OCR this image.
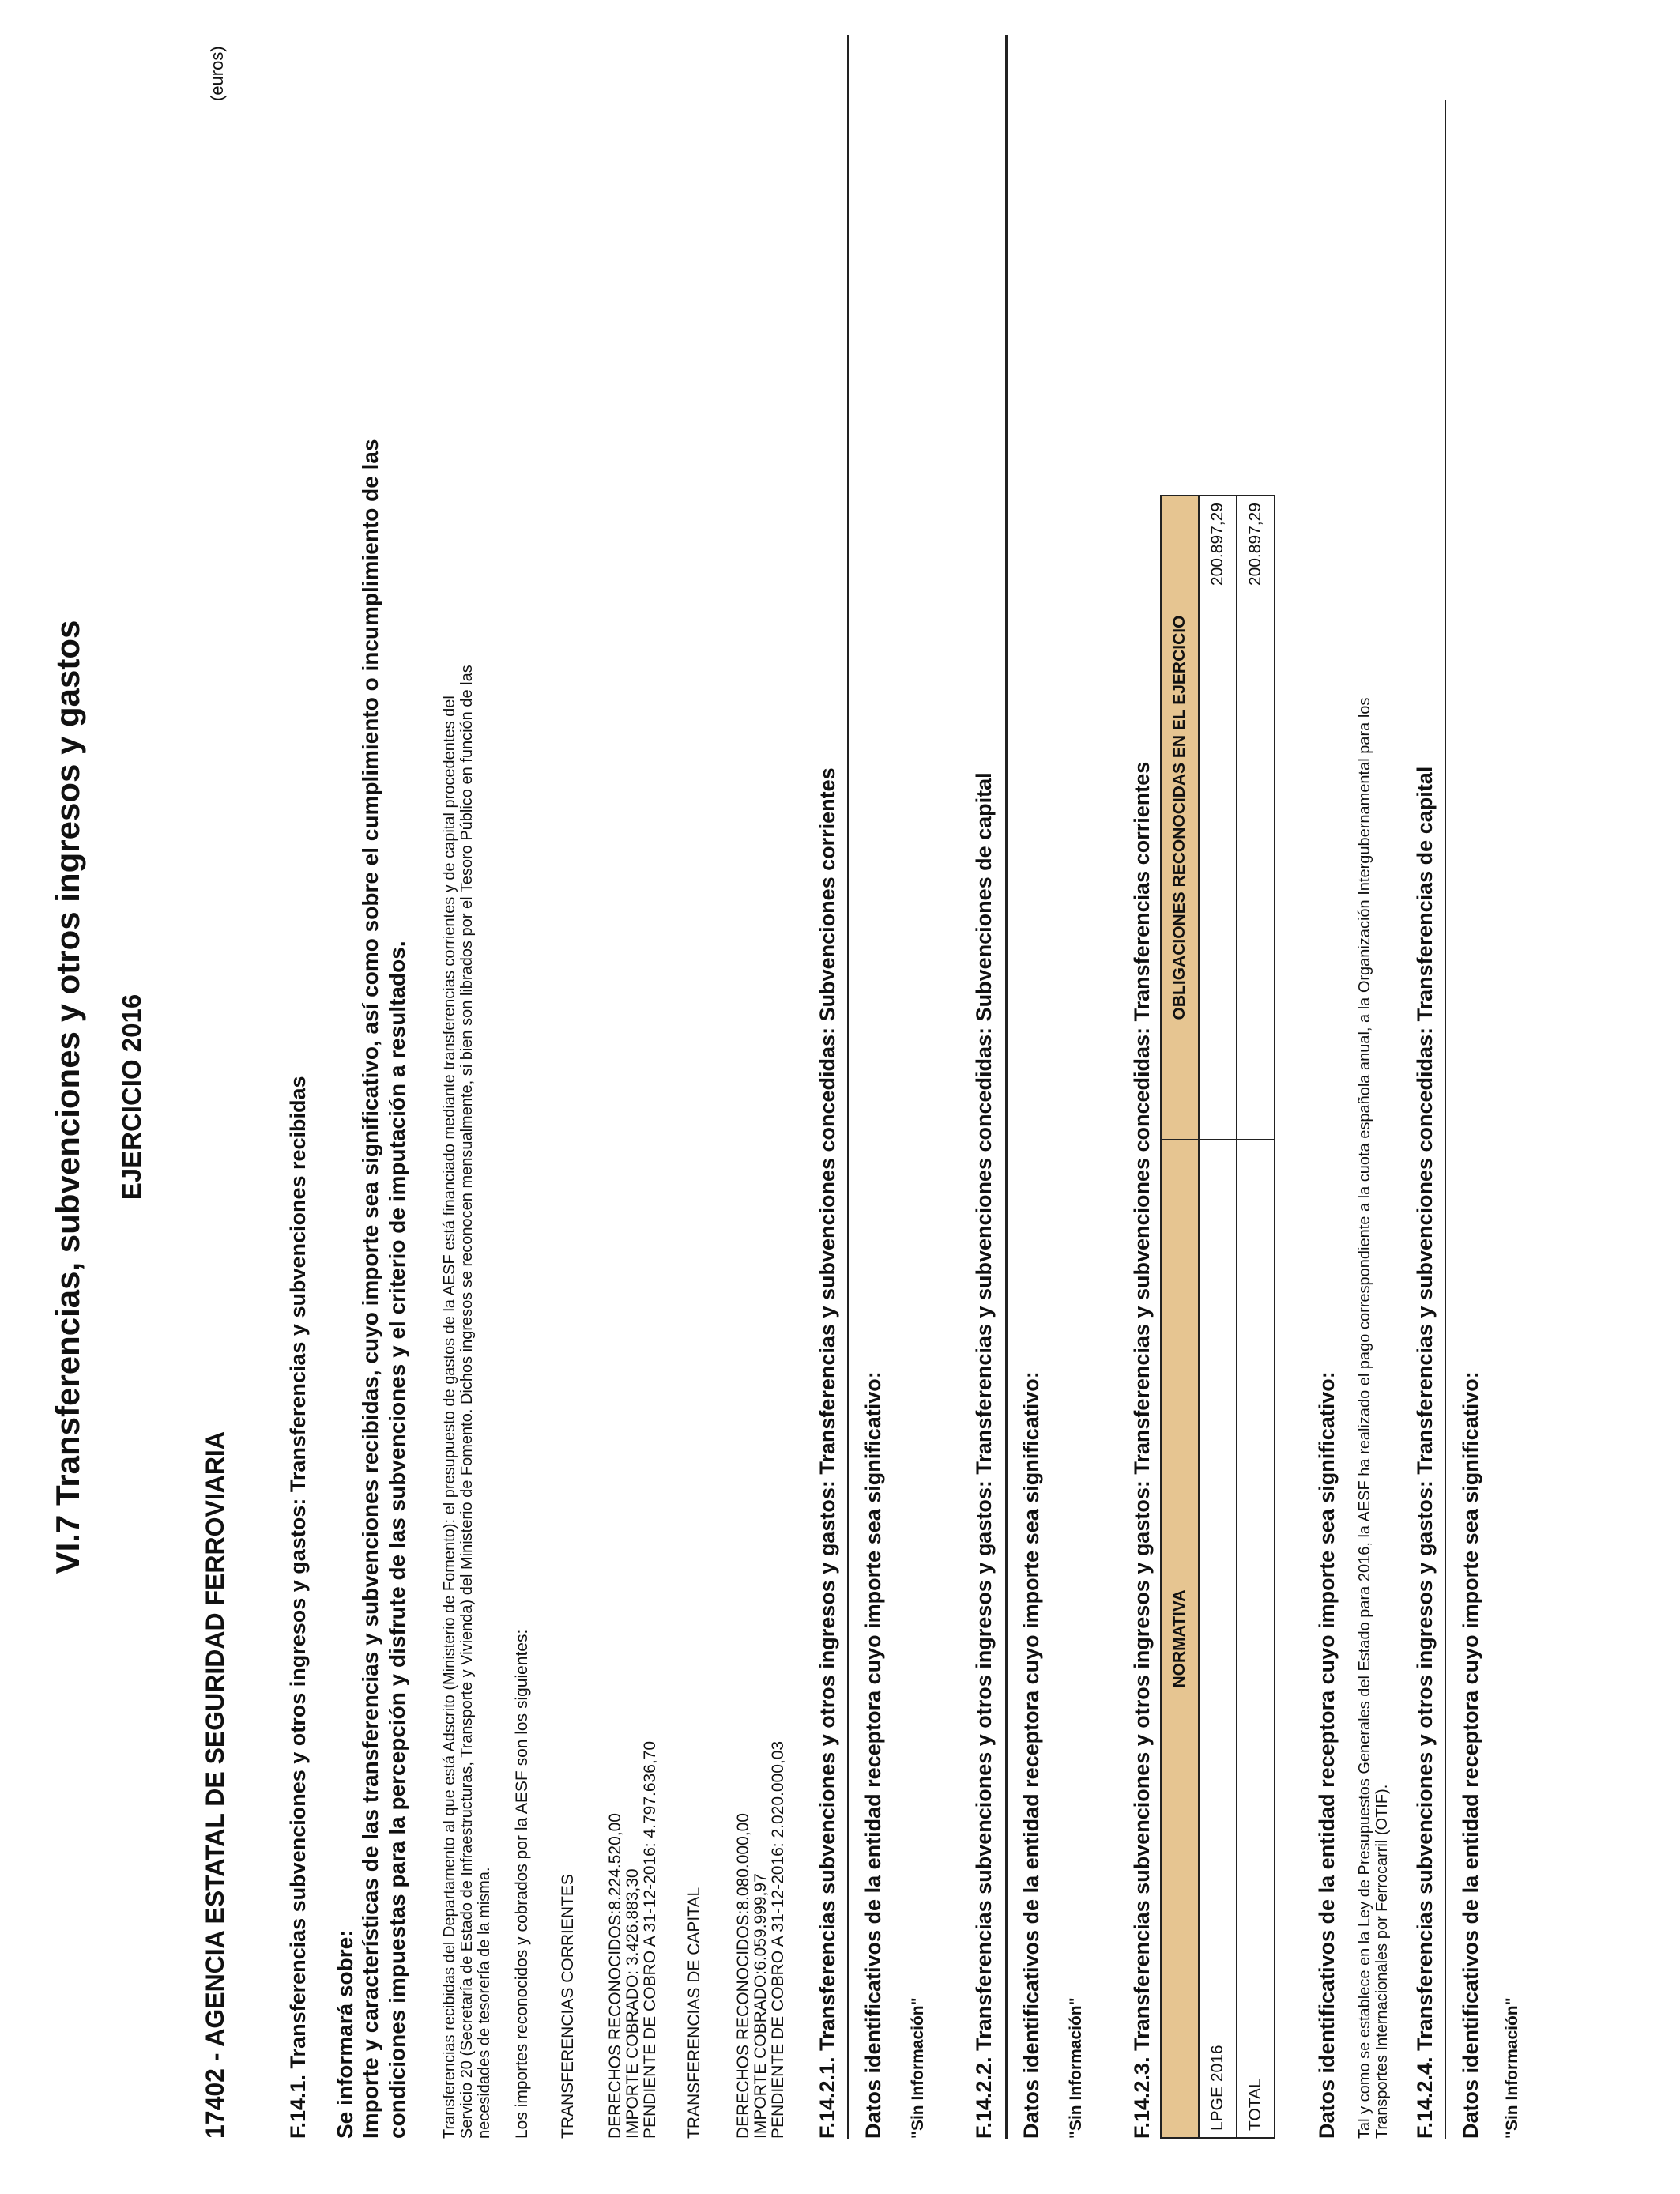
VI.7 Transferencias, subvenciones y otros ingresos y gastos EJERCICIO 2016
(euros)
17402 - AGENCIA ESTATAL DE SEGURIDAD FERROVIARIA	F.14.1. Transferencias subvenciones y otros ingresos y gastos: Transferencias y subvenciones recibidas Se informará sobre: Importe y características de las transferencias y subvenciones recibidas, cuyo importe sea significativo, así como sobre el cumplimiento o incumplimiento de las condiciones impuestas para la percepción y disfrute de las subvenciones y el criterio de imputación a resultados. Transferencias recibidas del Departamento al que está Adscrito (Ministerio de Fomento): el presupuesto de gastos de la AESF está financiado mediante transferencias corrientes y de capital procedentes del Servicio 20 (Secretaría de Estado de Infraestructuras, Transporte y Vivienda) del Ministerio de Fomento. Dichos ingresos se reconocen mensualmente, si bien son librados por el Tesoro Público en función de las necesidades de tesorería de la misma. Los importes reconocidos y cobrados por la AESF son los siguientes: TRANSFERENCIAS CORRIENTES DERECHOS RECONOCIDOS:8.224.520,00 IMPORTE COBRADO: 3.426.883,30 PENDIENTE DE COBRO A 31-12-2016: 4.797.636,70 TRANSFERENCIAS DE CAPITAL DERECHOS RECONOCIDOS:8.080.000,00 IMPORTE COBRADO:6.059.999,97 PENDIENTE DE COBRO A 31-12-2016: 2.020.000,03 F.14.2.1. Transferencias subvenciones y otros ingresos y gastos: Transferencias y subvenciones concedidas: Subvenciones corrientes Datos identificativos de la entidad receptora cuyo importe sea significativo: "Sin Información" F.14.2.2. Transferencias subvenciones y otros ingresos y gastos: Transferencias y subvenciones concedidas: Subvenciones de capital Datos identificativos de la entidad receptora cuyo importe sea significativo: "Sin Información" F.14.2.3. Transferencias subvenciones y otros ingresos y gastos: Transferencias y subvenciones concedidas: Transferencias corrientes NORMATIVA	OBLIGACIONES RECONOCIDAS EN EL EJERCICIO
LPGE 2016	200.897,29
TOTAL	200.897,29
Datos identificativos de la entidad receptora cuyo importe sea significativo: Tal y como se establece en la Ley de Presupuestos Generales del Estado para 2016, la AESF ha realizado el pago correspondiente a la cuota española anual, a la Organización Intergubernamental para los Transportes Internacionales por Ferrocarril (OTIF). F.14.2.4. Transferencias subvenciones y otros ingresos y gastos: Transferencias y subvenciones concedidas: Transferencias de capital Datos identificativos de la entidad receptora cuyo importe sea significativo: "Sin Información"
